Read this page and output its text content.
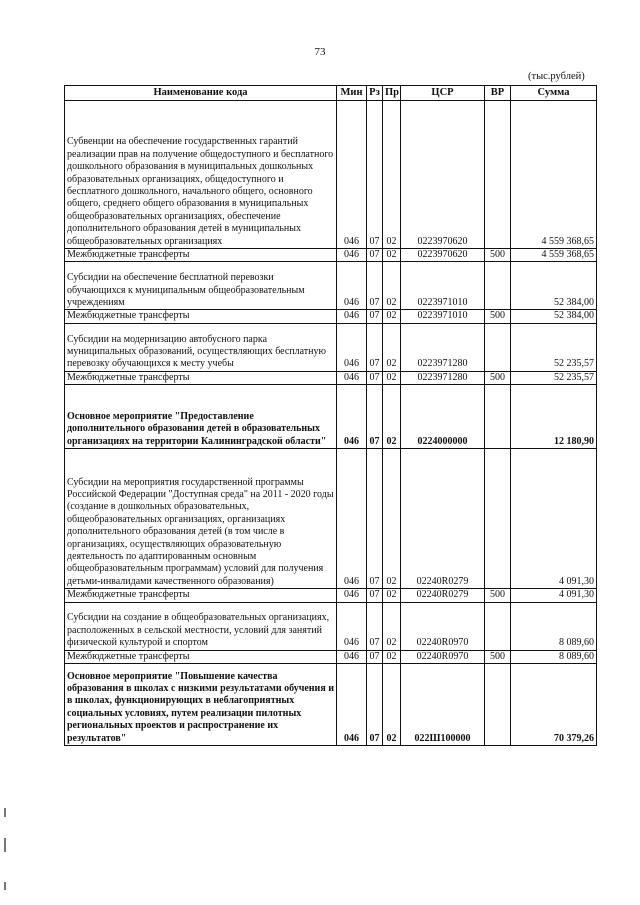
73
(тыс.рублей)
Наименование кода	Мин	Рз	Пр	ЦСР	ВР	Сумма
Субвенции на обеспечение государственных гарантий реализации прав на получение общедоступного и бесплатного дошкольного образования в муниципальных дошкольных образовательных организациях, общедоступного и бесплатного дошкольного, начального общего, основного общего, среднего общего образования в муниципальных общеобразовательных организациях, обеспечение дополнительного образования детей в муниципальных общеобразовательных организациях	046	07	02	0223970620		4 559 368,65
Межбюджетные трансферты	046	07	02	0223970620	500	4 559 368,65
Субсидии на обеспечение бесплатной перевозки обучающихся к муниципальным общеобразовательным учреждениям	046	07	02	0223971010		52 384,00
Межбюджетные трансферты	046	07	02	0223971010	500	52 384,00
Субсидии на модернизацию автобусного парка муниципальных образований, осуществляющих бесплатную перевозку обучающихся к месту учебы	046	07	02	0223971280		52 235,57
Межбюджетные трансферты	046	07	02	0223971280	500	52 235,57
Основное мероприятие "Предоставление дополнительного образования детей в образовательных организациях на территории Калининградской области"	046	07	02	0224000000		12 180,90
Субсидии на мероприятия государственной программы Российской Федерации "Доступная среда" на 2011 - 2020 годы (создание в дошкольных образовательных, общеобразовательных организациях, организациях дополнительного образования детей (в том числе в организациях, осуществляющих образовательную деятельность по адаптированным основным общеобразовательным программам) условий для получения детьми-инвалидами качественного образования)	046	07	02	02240R0279		4 091,30
Межбюджетные трансферты	046	07	02	02240R0279	500	4 091,30
Субсидии на создание в общеобразовательных организациях, расположенных в сельской местности, условий для занятий физической культурой и спортом	046	07	02	02240R0970		8 089,60
Межбюджетные трансферты	046	07	02	02240R0970	500	8 089,60
Основное мероприятие "Повышение качества образования в школах с низкими результатами обучения и в школах, функционирующих в неблагоприятных социальных условиях, путем реализации пилотных региональных проектов и распространение их результатов"	046	07	02	022Ш100000		70 379,26
